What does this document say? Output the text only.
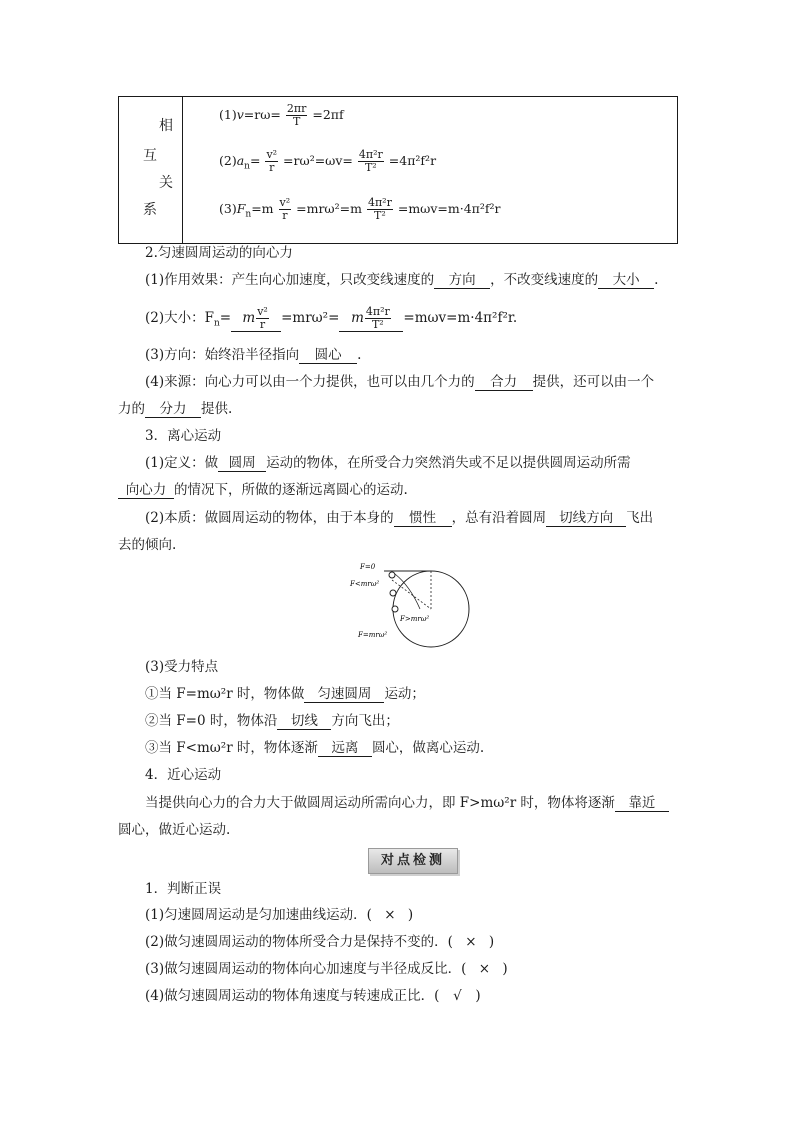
相
互
关
系
$(1)v=r\omega= \frac{2\pi r}{T} =2\pi f$
$(2)a_n= \frac{\text{v²}}{r} =r\omega^2=\omega v= \frac{\text{4π²r}}{\text{T²}} =4\pi^2f^2r$
$(3)F_n=m \frac{\text{v²}}{r} =mr\omega^2=m \frac{\text{4π²r}}{\text{T²}} =m\omega v=m\cdot 4\pi^2f^2r$
2.匀速圆周运动的向心力
(1)作用效果：产生向心加速度，只改变线速度的 方向 ，不改变线速度的 大小 .
(2)大小：$F_n= m \frac{\text{v²}}{r} =mr\omega^2= m \frac{\text{4π²r}}{\text{T²}} =m\omega v=m\cdot 4\pi^2f^2r$.
(3)方向：始终沿半径指向 圆心 .
(4)来源：向心力可以由一个力提供，也可以由几个力的 合力 提供，还可以由一个
力的 分力 提供.
3．离心运动
(1)定义：做 圆周 运动的物体，在所受合力突然消失或不足以提供圆周运动所需
向心力 的情况下，所做的逐渐远离圆心的运动.
(2)本质：做圆周运动的物体，由于本身的 惯性 ，总有沿着圆周 切线方向 飞出
去的倾向.
F=0
F<mrω²
F>mrω²
F=mrω²
(3)受力特点
①当 F=mω²r 时，物体做 匀速圆周 运动；
②当 F=0 时，物体沿 切线 方向飞出；
③当 F<mω²r 时，物体逐渐 远离 圆心，做离心运动.
4．近心运动
当提供向心力的合力大于做圆周运动所需向心力，即 F>mω²r 时，物体将逐渐 靠近
圆心，做近心运动.
对点检测
1．判断正误
(1)匀速圆周运动是匀加速曲线运动．( × )
(2)做匀速圆周运动的物体所受合力是保持不变的．( × )
(3)做匀速圆周运动的物体向心加速度与半径成反比．( × )
(4)做匀速圆周运动的物体角速度与转速成正比．( √ )
